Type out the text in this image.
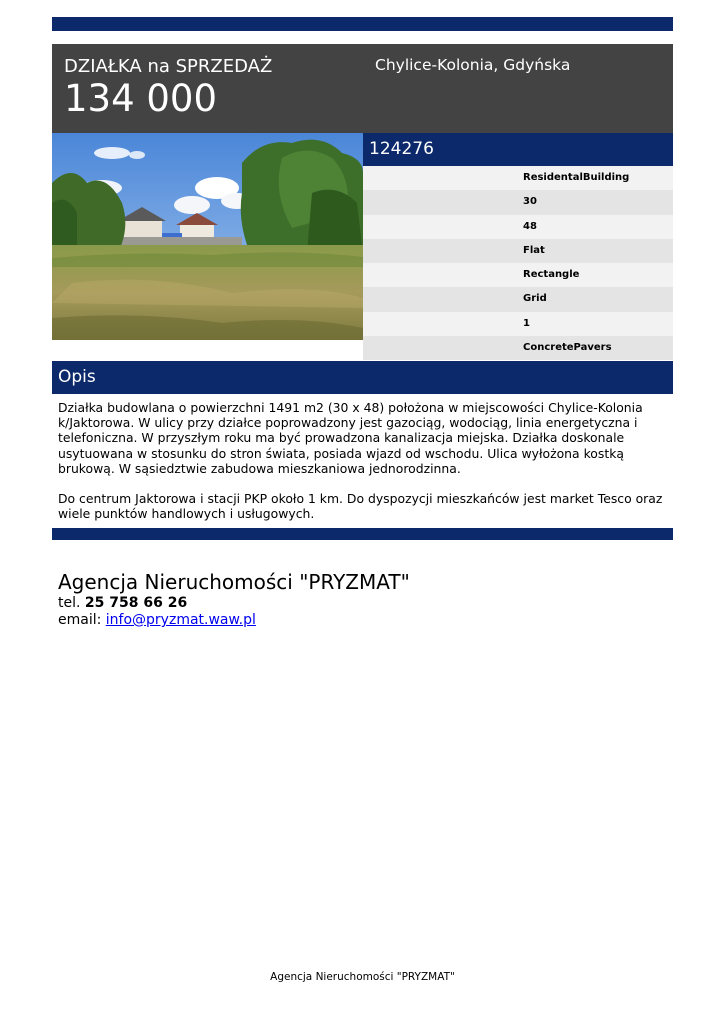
DZIAŁKA na SPRZEDAŻ
134 000
Chylice-Kolonia, Gdyńska
124276
ResidentalBuilding
30
48
Flat
Rectangle
Grid
1
ConcretePavers
Opis

Działka budowlana o powierzchni 1491 m2 (30 x 48) położona w miejscowości Chylice-Kolonia k/Jaktorowa. W ulicy przy działce poprowadzony jest gazociąg, wodociąg, linia energetyczna i telefoniczna. W przyszłym roku ma być prowadzona kanalizacja miejska. Działka doskonale usytuowana w stosunku do stron świata, posiada wjazd od wschodu. Ulica wyłożona kostką brukową. W sąsiedztwie zabudowa mieszkaniowa jednorodzinna.

Do centrum Jaktorowa i stacji PKP około 1 km. Do dyspozycji mieszkańców jest market Tesco oraz wiele punktów handlowych i usługowych.

Agencja Nieruchomości "PRYZMAT"
tel. 25 758 66 26
email: info@pryzmat.waw.pl
Agencja Nieruchomości "PRYZMAT"
